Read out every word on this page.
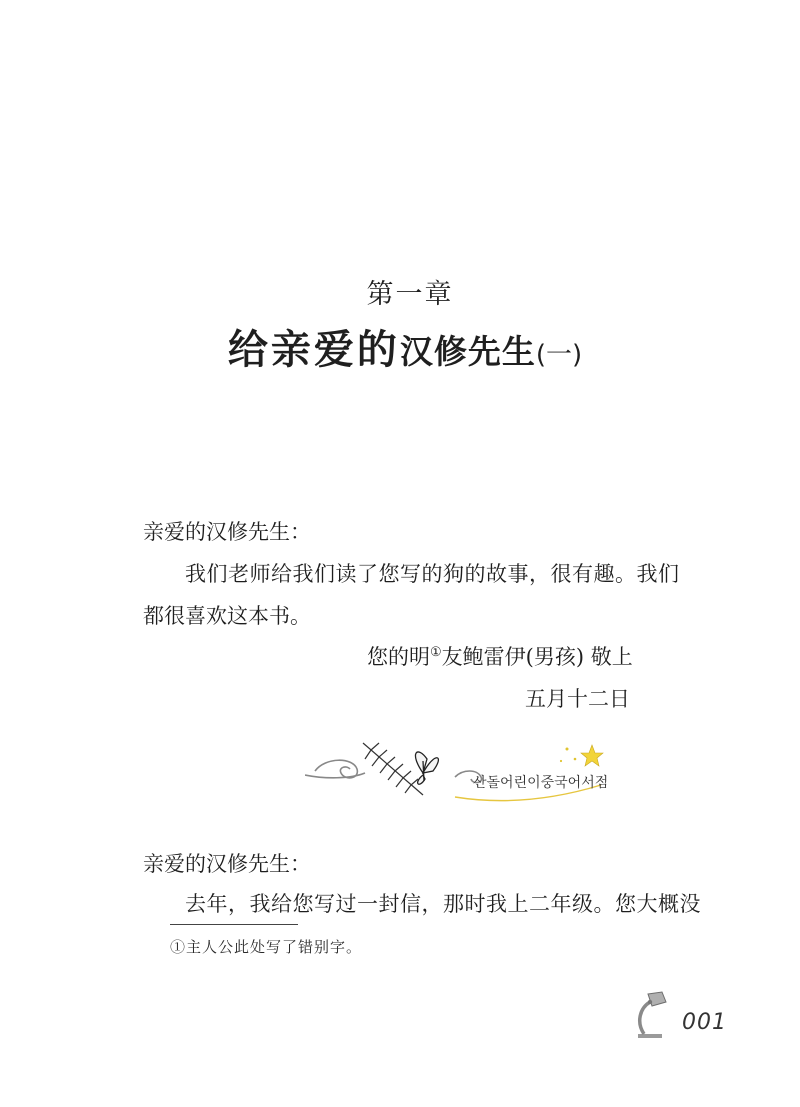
第一章
给亲爱的汉修先生(一)
亲爱的汉修先生：
我们老师给我们读了您写的狗的故事，很有趣。我们
都很喜欢这本书。
您的明①友鲍雷伊(男孩) 敬上
五月十二日
산돌어린이중국어서점
亲爱的汉修先生：
去年，我给您写过一封信，那时我上二年级。您大概没
①主人公此处写了错别字。
001
